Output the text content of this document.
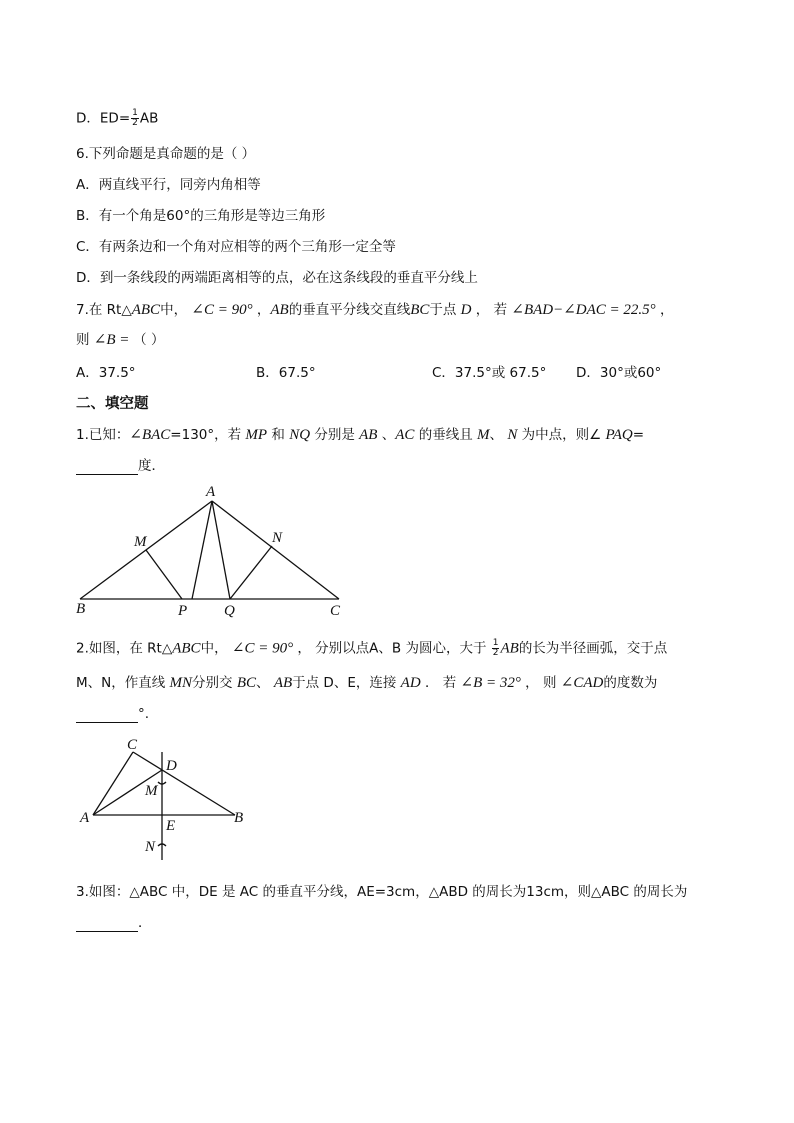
D．$ED= \frac{1}{2}$ AB
6.下列命题是真命题的是（ ）
A．两直线平行，同旁内角相等
B．有一个角是60°的三角形是等边三角形
C．有两条边和一个角对应相等的两个三角形一定全等
D．到一条线段的两端距离相等的点，必在这条线段的垂直平分线上
7.在 Rt△ABC中， ∠C = 90° ，AB的垂直平分线交直线BC于点 D ， 若 ∠BAD−∠DAC = 22.5° ，
则 ∠B = （ ）
A．37.5°	B．67.5°	C．37.5°或 67.5° D．30°或60°
二、填空题
1.已知：∠BAC=130°，若 MP 和 NQ 分别是 AB 、AC 的垂线且 M、 N 为中点，则∠ PAQ=
度．
A
B	C
M	N
P Q
2.如图，在 Rt△ABC中， ∠C = 90° ， 分别以点A、B 为圆心，大于 $\frac{1}{2}$ AB的长为半径画弧，交于点
M、N，作直线 MN分别交 BC、 AB于点 D、E，连接 AD ． 若 ∠B = 32° ， 则 ∠CAD的度数为
°.
C
D
M
A	B
E
N
3.如图：△ABC 中，DE 是 AC 的垂直平分线，AE=3cm，△ABD 的周长为13cm，则△ABC 的周长为
．
